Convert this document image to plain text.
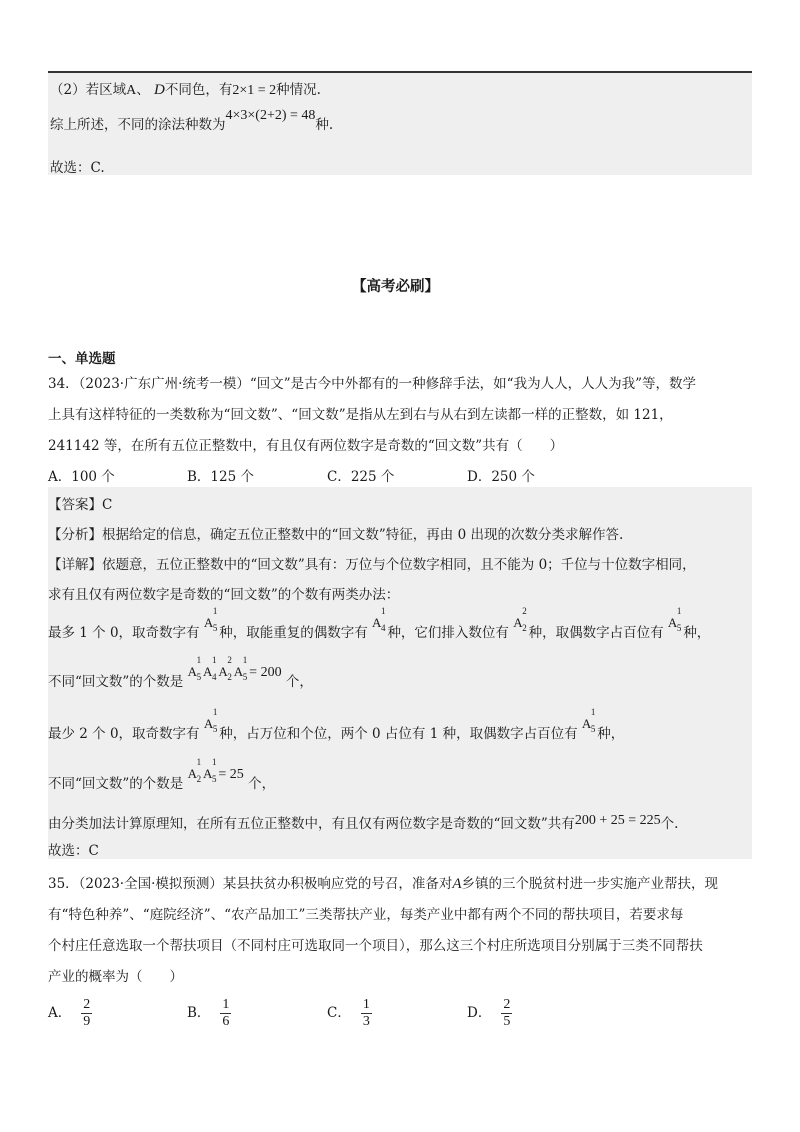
（2）若区域A、 D不同色，有2×1 = 2种情况.
综上所述，不同的涂法种数为4×3×(2+2) = 48种.
故选：C.
【高考必刷】
一、单选题
34．（2023·广东广州·统考一模）“回文”是古今中外都有的一种修辞手法，如“我为人人，人人为我”等，数学
上具有这样特征的一类数称为“回文数”、“回文数”是指从左到右与从右到左读都一样的正整数，如 121，
241142 等，在所有五位正整数中，有且仅有两位数字是奇数的“回文数”共有（　　）
A．100 个	B．125 个	C．225 个	D．250 个
【答案】C
【分析】根据给定的信息，确定五位正整数中的“回文数”特征，再由 0 出现的次数分类求解作答.
【详解】依题意，五位正整数中的“回文数”具有：万位与个位数字相同，且不能为 0；千位与十位数字相同，
求有且仅有两位数字是奇数的“回文数”的个数有两类办法：
最多 1 个 0，取奇数字有 A
1
5 种，取能重复的偶数字有 A
1
4 种，它们排入数位有 A
2
2 种，取偶数字占百位有 A
1
5 种，
不同“回文数”的个数是 A
1
5 A
1
4 A
2
2 A
1
5 = 200 个，
最少 2 个 0，取奇数字有 A
1
5 种，占万位和个位，两个 0 占位有 1 种，取偶数字占百位有 A
1
5 种，
不同“回文数”的个数是 A
1
2 A
1
5 = 25 个，
由分类加法计算原理知，在所有五位正整数中，有且仅有两位数字是奇数的“回文数”共有200 + 25 = 225个.
故选：C
35．（2023·全国·模拟预测）某县扶贫办积极响应党的号召，准备对A乡镇的三个脱贫村进一步实施产业帮扶，现
有“特色种养”、“庭院经济”、“农产品加工”三类帮扶产业，每类产业中都有两个不同的帮扶项目，若要求每
个村庄任意选取一个帮扶项目（不同村庄可选取同一个项目），那么这三个村庄所选项目分别属于三类不同帮扶
产业的概率为（　　）
A． $\frac{2}{9}$	B． $\frac{1}{6}$	C． $\frac{1}{3}$	D． $\frac{2}{5}$
